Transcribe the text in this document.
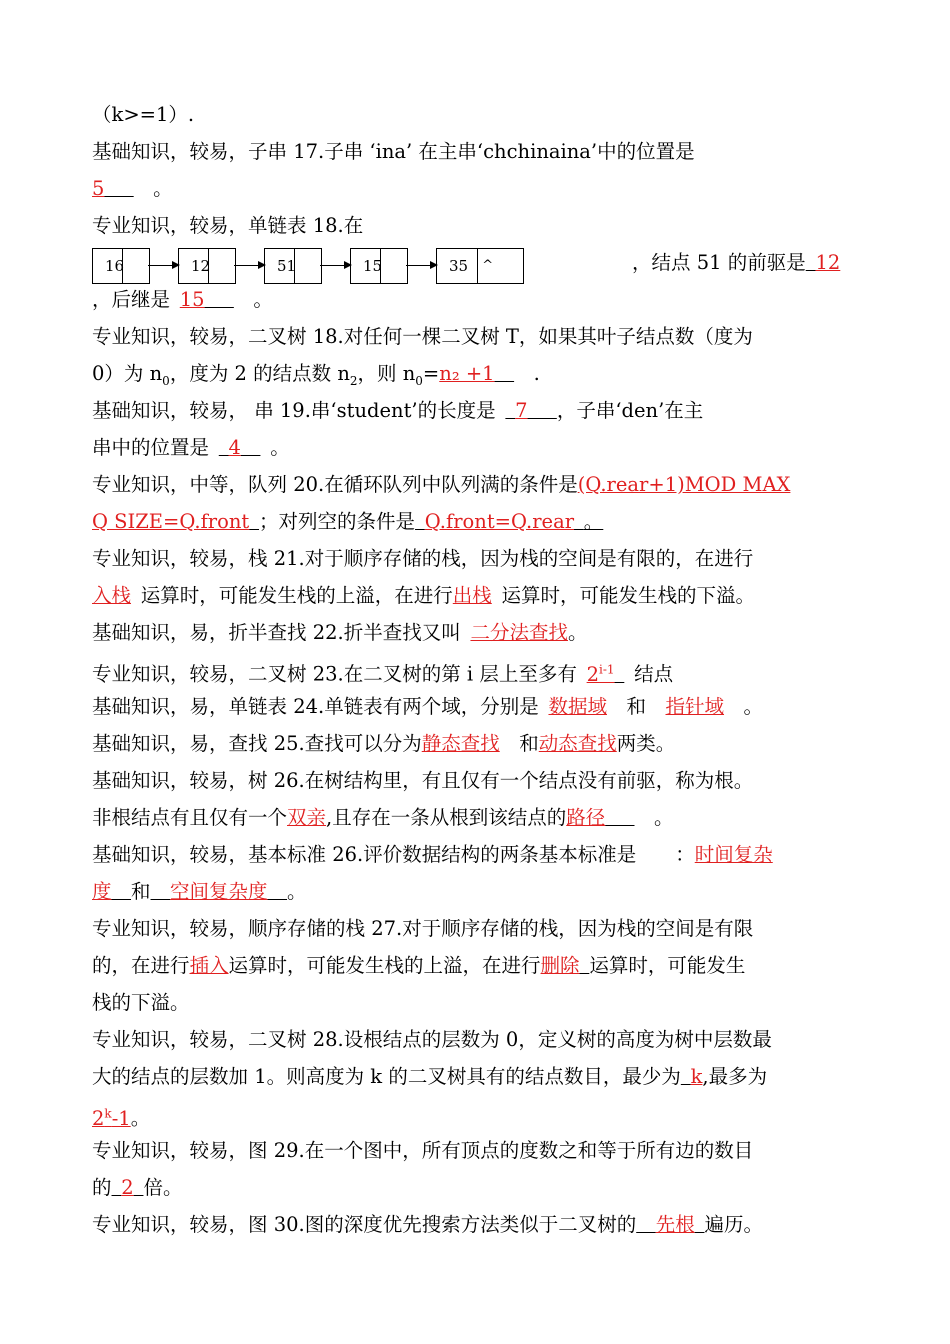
（k>=1）.
基础知识，较易，子串 17.子串 ‘ina’ 在主串‘chchinaina’中的位置是
5     	。
专业知识，较易，单链表 18.在
16	12	51	15	35	^	，结点 51 的前驱是  12
，后继是  15     	。
专业知识，较易，二叉树 18.对任何一棵二叉树 T，如果其叶子结点数（度为
0）为 $n_0$，度为 2 的结点数 $n_2$，则 $n_0=n_2 +1$     .
基础知识，较易， 串 19.串‘student’的长度是   7    ，子串‘den’在主
串中的位置是   4    。
专业知识，中等，队列 20.在循环队列中队列满的条件是(Q.rear+1)MOD MAX
Q SIZE=Q.front  ；对列空的条件是  Q.front=Q.rear  。
专业知识，较易，栈 21.对于顺序存储的栈，因为栈的空间是有限的，在进行
入栈  运算时，可能发生栈的上溢，在进行出栈  运算时，可能发生栈的下溢。
基础知识，易，折半查找 22.折半查找又叫  二分法查找。
专业知识，较易，二叉树 23.在二叉树的第 i 层上至多有  2$^{i-1}$   结点
基础知识，易，单链表 24.单链表有两个域，分别是  数据域   和   指针域   。
基础知识，易，查找 25.查找可以分为静态查找   和动态查找两类。
基础知识，较易，树 26.在树结构里，有且仅有一个结点没有前驱，称为根。
非根结点有且仅有一个双亲,且存在一条从根到该结点的路径     	。
基础知识，较易，基本标准 26.评价数据结构的两条基本标准是     ：时间复杂
度   和   空间复杂度   。
专业知识，较易，顺序存储的栈 27.对于顺序存储的栈，因为栈的空间是有限
的，在进行插入运算时，可能发生栈的上溢，在进行删除  运算时，可能发生
栈的下溢。
专业知识，较易，二叉树 28.设根结点的层数为 0，定义树的高度为树中层数最
大的结点的层数加 1。则高度为 k 的二叉树具有的结点数目，最少为  k,最多为
2$^k$-1。
专业知识，较易，图 29.在一个图中，所有顶点的度数之和等于所有边的数目
的  2  倍。
专业知识，较易，图 30.图的深度优先搜索方法类似于二叉树的   先根  遍历。
